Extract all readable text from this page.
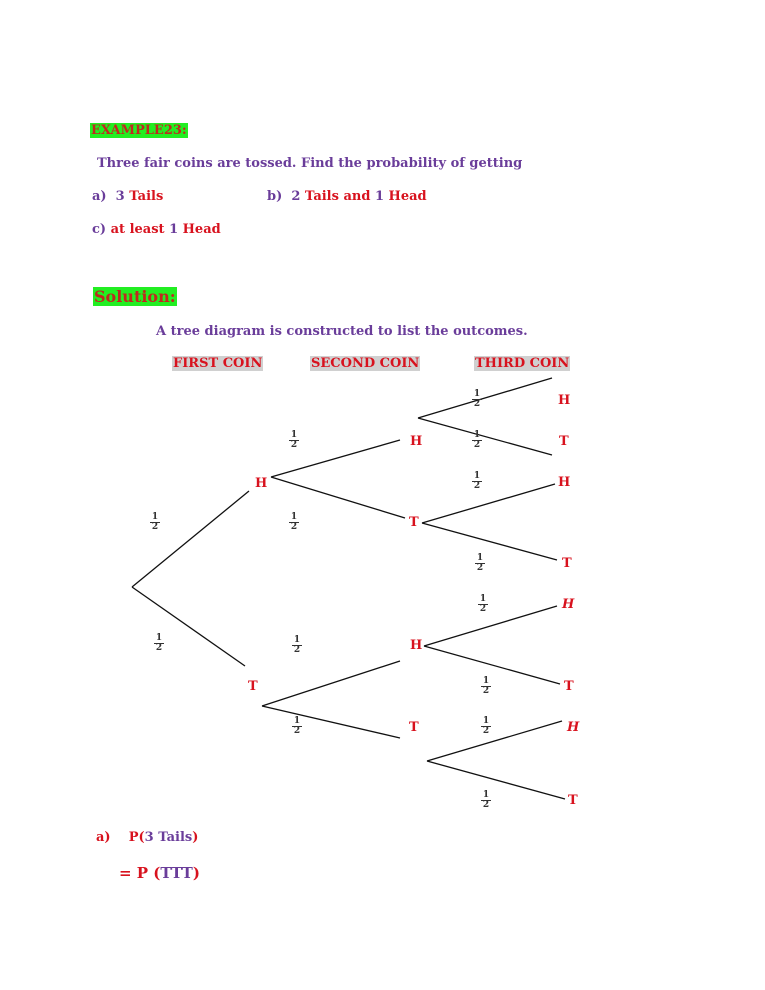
EXAMPLE23:
Three fair coins are tossed. Find the probability of getting
a) 3 Tails	b) 2 Tails and 1 Head
c) at least 1 Head
Solution:
A tree diagram is constructed to list the outcomes.
FIRST COIN	SECOND COIN	THIRD COIN
H
T
H
T
H
T
H
T
H
T
H
T
H
T
$\frac{1}{2}$
$\frac{1}{2}$
$\frac{1}{2}$
$\frac{1}{2}$
$\frac{1}{2}$
$\frac{1}{2}$
$\frac{1}{2}$
$\frac{1}{2}$
$\frac{1}{2}$
$\frac{1}{2}$
$\frac{1}{2}$
$\frac{1}{2}$
$\frac{1}{2}$
$\frac{1}{2}$
a) P(3 Tails)
= P (TTT)
